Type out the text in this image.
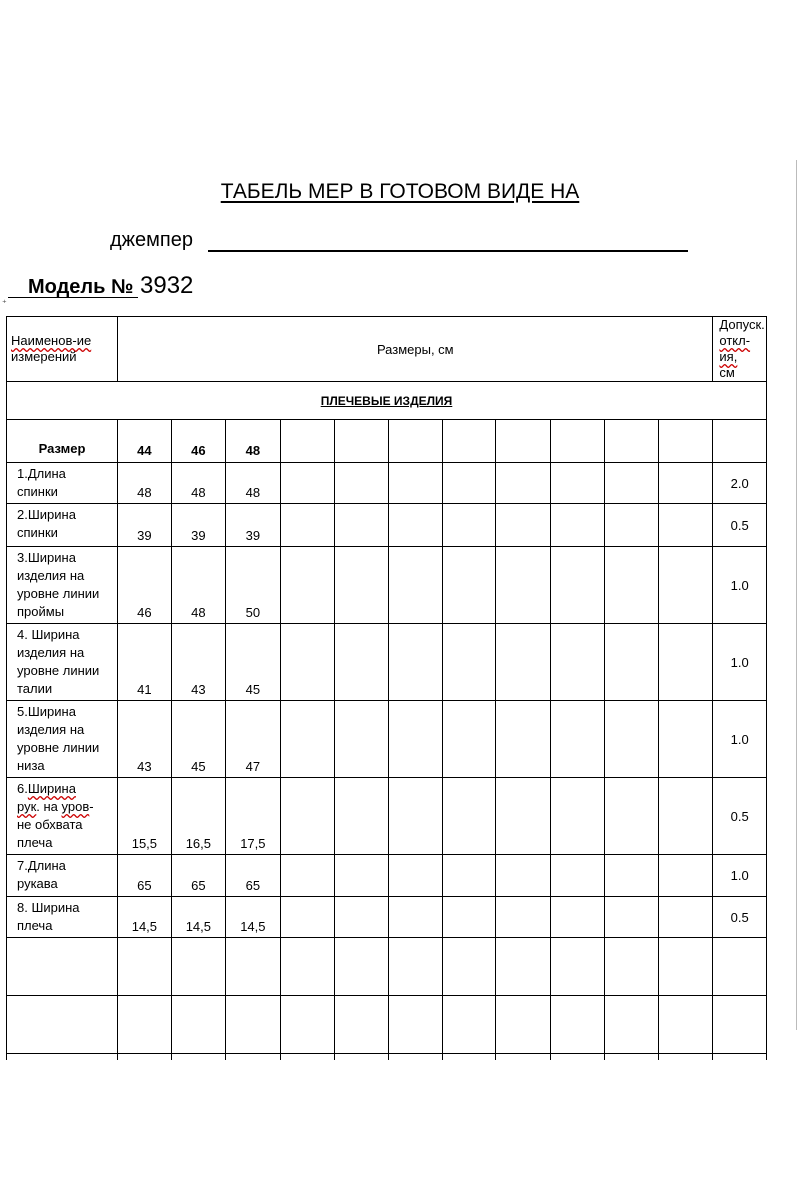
ТАБЕЛЬ МЕР В ГОТОВОМ ВИДЕ НА
джемпер
Модель № 3932
⁺
Наименов-ие
измерений	Размеры, см											Допуск.
откл-ия,
см
ПЛЕЧЕВЫЕ ИЗДЕЛИЯ												
Размер	44	46	48									
1.Длина
спинки	48	48	48									2.0
2.Ширина
спинки	39	39	39									0.5
3.Ширина
изделия на
уровне линии
проймы	46	48	50									1.0
4. Ширина
изделия на
уровне линии
талии	41	43	45									1.0
5.Ширина
изделия на
уровне линии
низа	43	45	47									1.0
6.Ширина
рук. на уров-
не обхвата
плеча	15,5	16,5	17,5									0.5
7.Длина
рукава	65	65	65									1.0
8. Ширина
плеча	14,5	14,5	14,5									0.5
